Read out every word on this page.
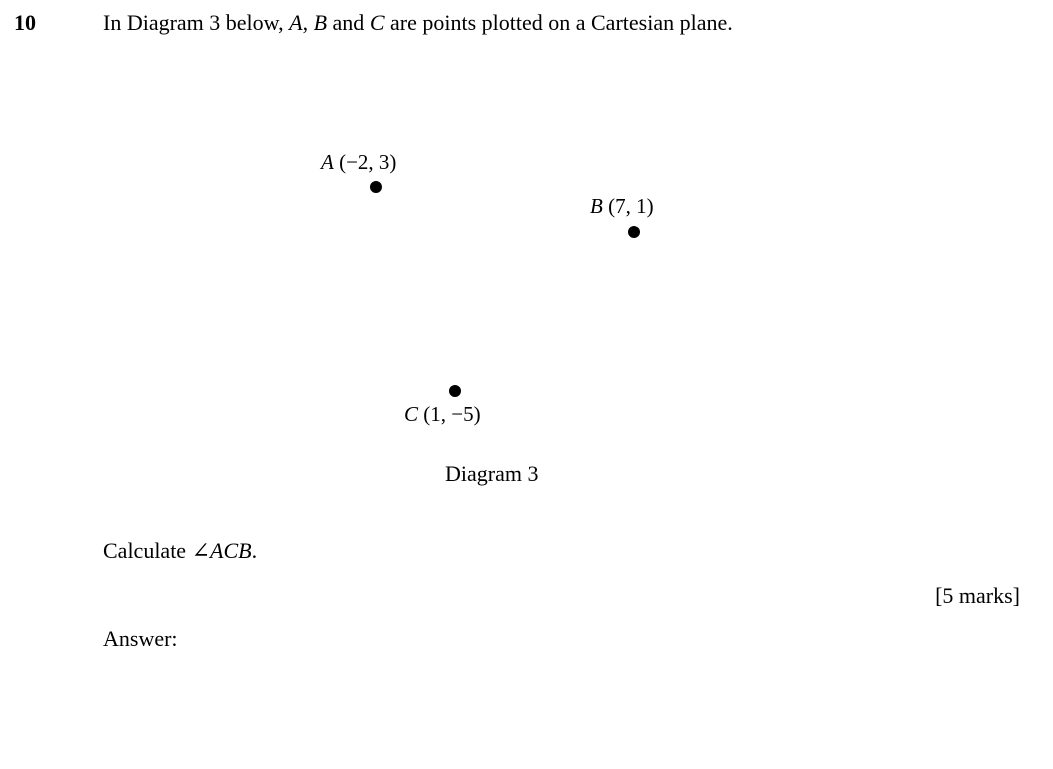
10	In Diagram 3 below, A, B and C are points plotted on a Cartesian plane.
A (−2, 3)
B (7, 1)
C (1, −5)
Diagram 3
Calculate ∠ACB.
[5 marks]
Answer:
